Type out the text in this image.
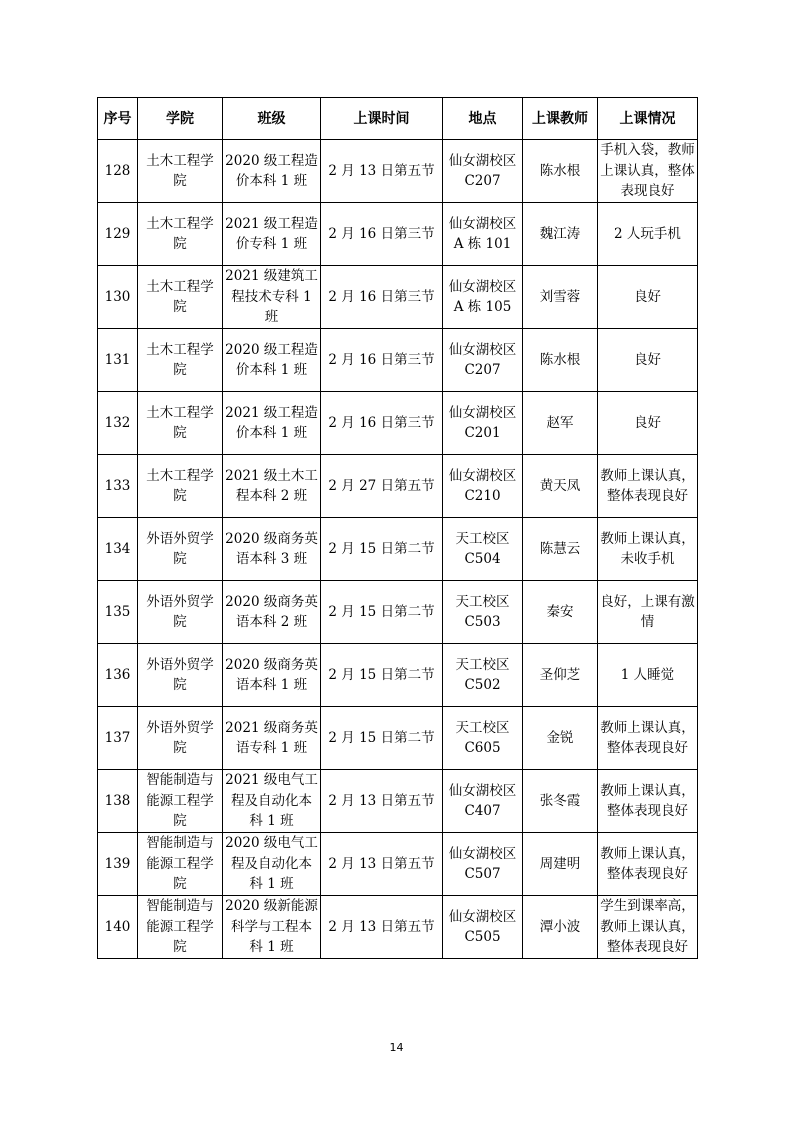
序号	学院	班级	上课时间	地点	上课教师	上课情况
128	土木工程学院	2020 级工程造价本科 1 班	2 月 13 日第五节	仙女湖校区 C207	陈水根	手机入袋，教师上课认真，整体表现良好
129	土木工程学院	2021 级工程造价专科 1 班	2 月 16 日第三节	仙女湖校区 A 栋 101	魏江涛	2 人玩手机
130	土木工程学院	2021 级建筑工程技术专科 1 班	2 月 16 日第三节	仙女湖校区 A 栋 105	刘雪蓉	良好
131	土木工程学院	2020 级工程造价本科 1 班	2 月 16 日第三节	仙女湖校区 C207	陈水根	良好
132	土木工程学院	2021 级工程造价本科 1 班	2 月 16 日第三节	仙女湖校区 C201	赵军	良好
133	土木工程学院	2021 级土木工程本科 2 班	2 月 27 日第五节	仙女湖校区 C210	黄天凤	教师上课认真，整体表现良好
134	外语外贸学院	2020 级商务英语本科 3 班	2 月 15 日第二节	天工校区 C504	陈慧云	教师上课认真，未收手机
135	外语外贸学院	2020 级商务英语本科 2 班	2 月 15 日第二节	天工校区 C503	秦安	良好，上课有激情
136	外语外贸学院	2020 级商务英语本科 1 班	2 月 15 日第二节	天工校区 C502	圣仰芝	1 人睡觉
137	外语外贸学院	2021 级商务英语专科 1 班	2 月 15 日第二节	天工校区 C605	金锐	教师上课认真，整体表现良好
138	智能制造与能源工程学院	2021 级电气工程及自动化本科 1 班	2 月 13 日第五节	仙女湖校区 C407	张冬霞	教师上课认真，整体表现良好
139	智能制造与能源工程学院	2020 级电气工程及自动化本科 1 班	2 月 13 日第五节	仙女湖校区 C507	周建明	教师上课认真，整体表现良好
140	智能制造与能源工程学院	2020 级新能源科学与工程本科 1 班	2 月 13 日第五节	仙女湖校区 C505	潭小波	学生到课率高，教师上课认真，整体表现良好
14
